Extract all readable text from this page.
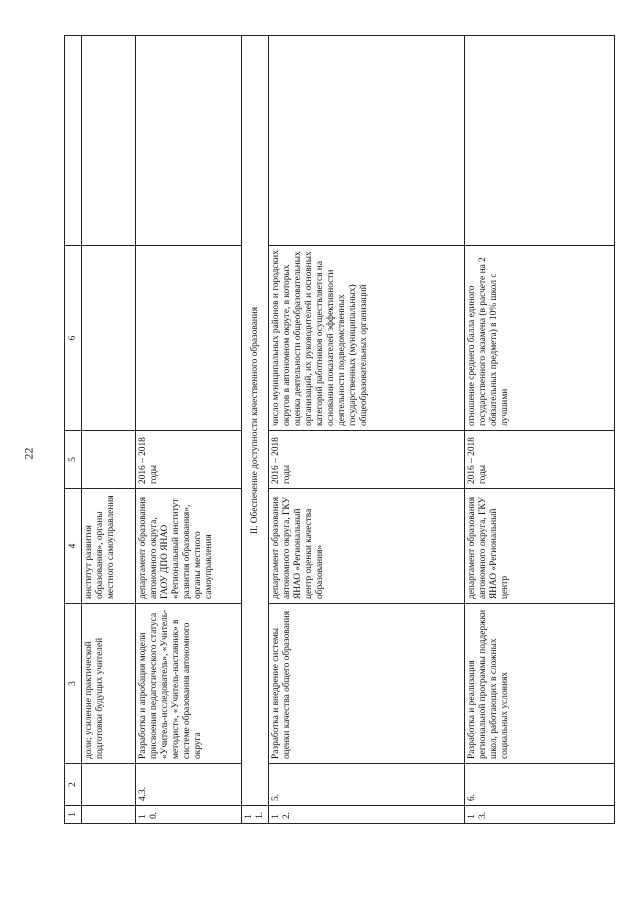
22
1	2	3	4	5	6	
		доли; усиление практической подготовки будущих учителей	институт развития образования», органы местного самоуправления			
10.	4.3.	Разработка и апробация модели присвоения педагогического статуса «Учитель-исследователь», «Учитель-методист», «Учитель-наставник» в системе образования автономного округа	департамент образования автономного округа, ГАОУ ДПО ЯНАО «Региональный институт развития образования», органы местного самоуправления	2016 – 2018 годы		
11.	II. Обеспечение доступности качественного образования					
12.	5.	Разработка и внедрение системы оценки качества общего образования	департамент образования автономного округа, ГКУ ЯНАО «Региональный центр оценки качества образования»	2016 – 2018 годы	число муниципальных районов и городских округов в автономном округе, в которых оценка деятельности общеобразовательных организаций, их руководителей и основных категорий работников осуществляется на основании показателей эффективности деятельности подведомственных государственных (муниципальных) общеобразовательных организаций	
13.	6.	Разработка и реализация региональной программы поддержки школ, работающих в сложных социальных условиях	департамент образования автономного округа, ГКУ ЯНАО «Региональный центр	2016 – 2018 годы	отношение среднего балла единого государственного экзамена (в расчете на 2 обязательных предмета) в 10% школ с лучшими	
